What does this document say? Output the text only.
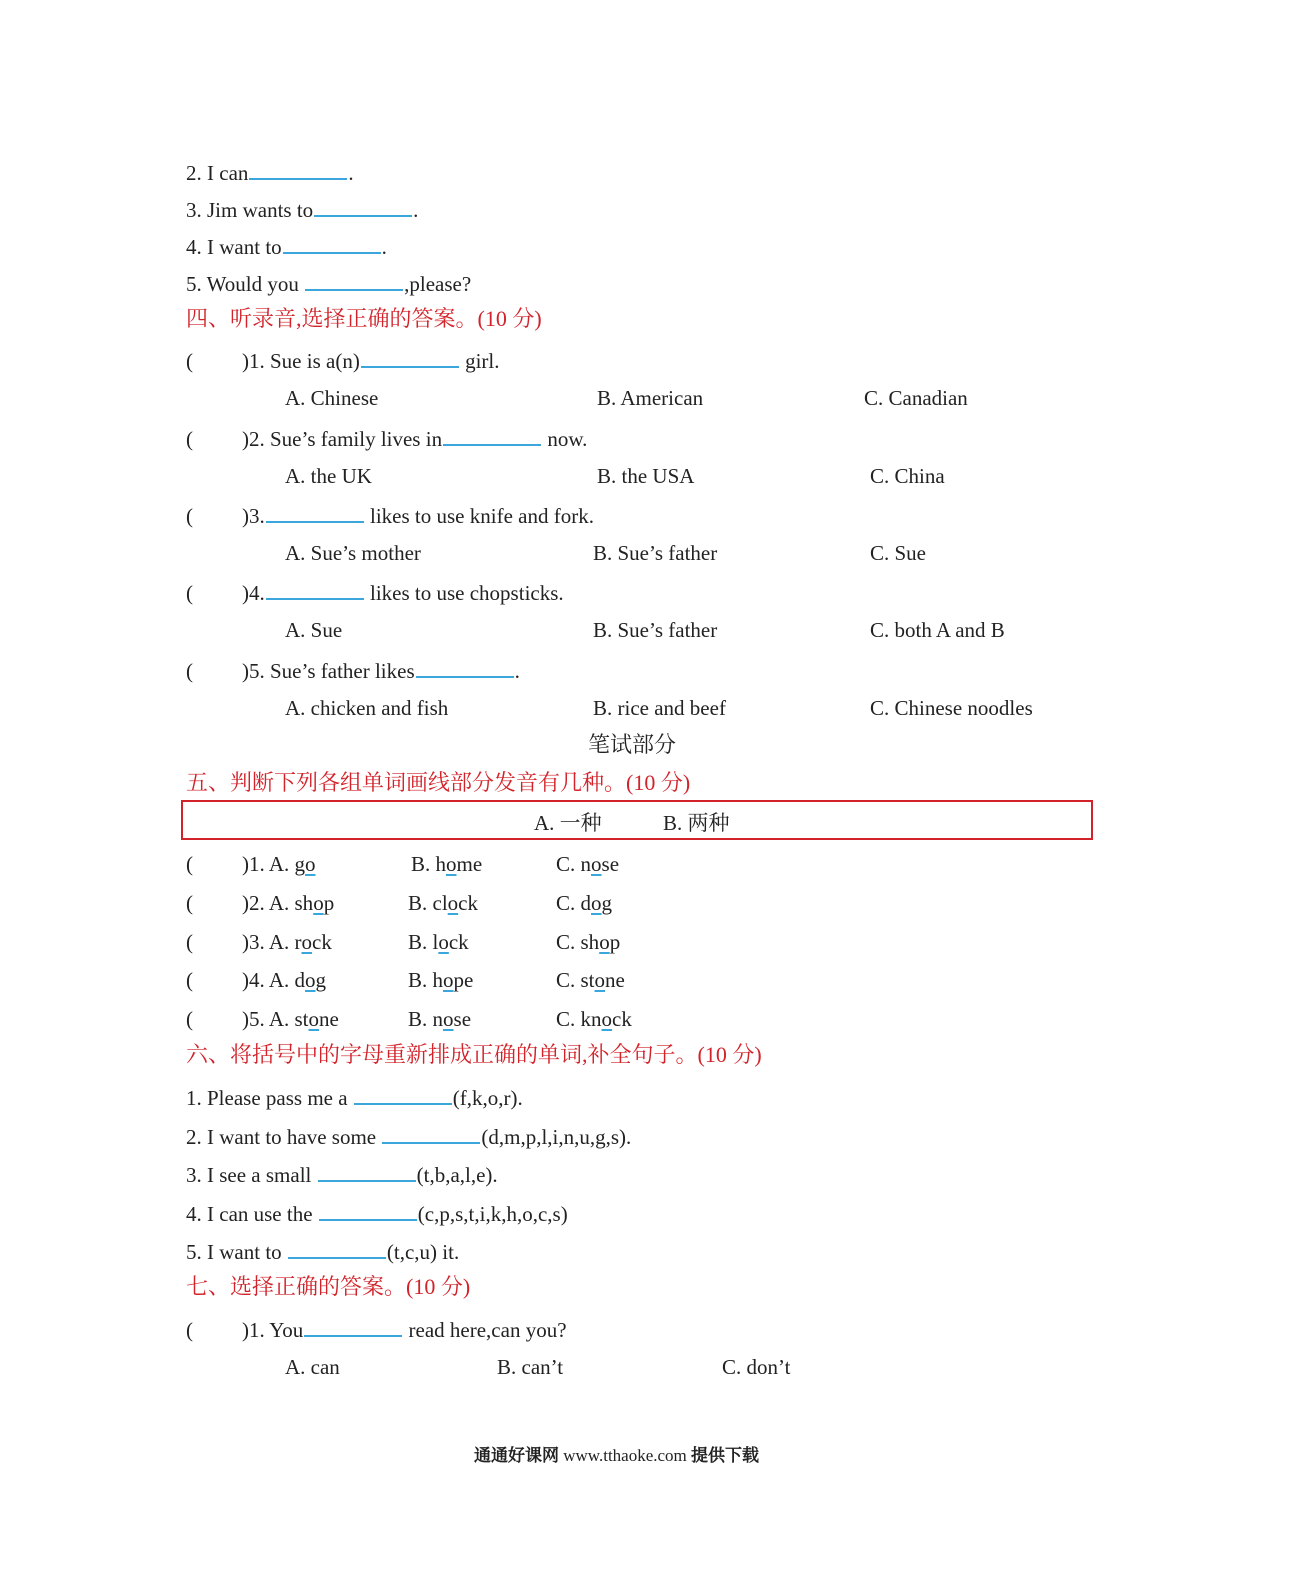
2. I can	.
3. Jim wants to	.
4. I want to	.
5. Would you	,please?
四、听录音,选择正确的答案。(10 分)
( )1. Sue is a(n)	girl.
A. Chinese	B. American	C. Canadian
( )2. Sue’s family lives in	now.
A. the UK	B. the USA	C. China
( )3.	likes to use knife and fork.
A. Sue’s mother	B. Sue’s father	C. Sue
( )4.	likes to use chopsticks.
A. Sue	B. Sue’s father	C. both A and B
( )5. Sue’s father likes	.
A. chicken and fish	B. rice and beef	C. Chinese noodles
笔试部分
五、判断下列各组单词画线部分发音有几种。(10 分)
A. 一种	B. 两种
( )1. A. go	B. home	C. nose
( )2. A. shop	B. clock	C. dog
( )3. A. rock	B. lock	C. shop
( )4. A. dog	B. hope	C. stone
( )5. A. stone	B. nose	C. knock
六、将括号中的字母重新排成正确的单词,补全句子。(10 分)
1. Please pass me a	(f,k,o,r).
2. I want to have some	(d,m,p,l,i,n,u,g,s).
3. I see a small	(t,b,a,l,e).
4. I can use the	(c,p,s,t,i,k,h,o,c,s)
5. I want to	(t,c,u) it.
七、选择正确的答案。(10 分)
( )1. You	read here,can you?
A. can	B. can’t	C. don’t
通通好课网 www.tthaoke.com 提供下载
